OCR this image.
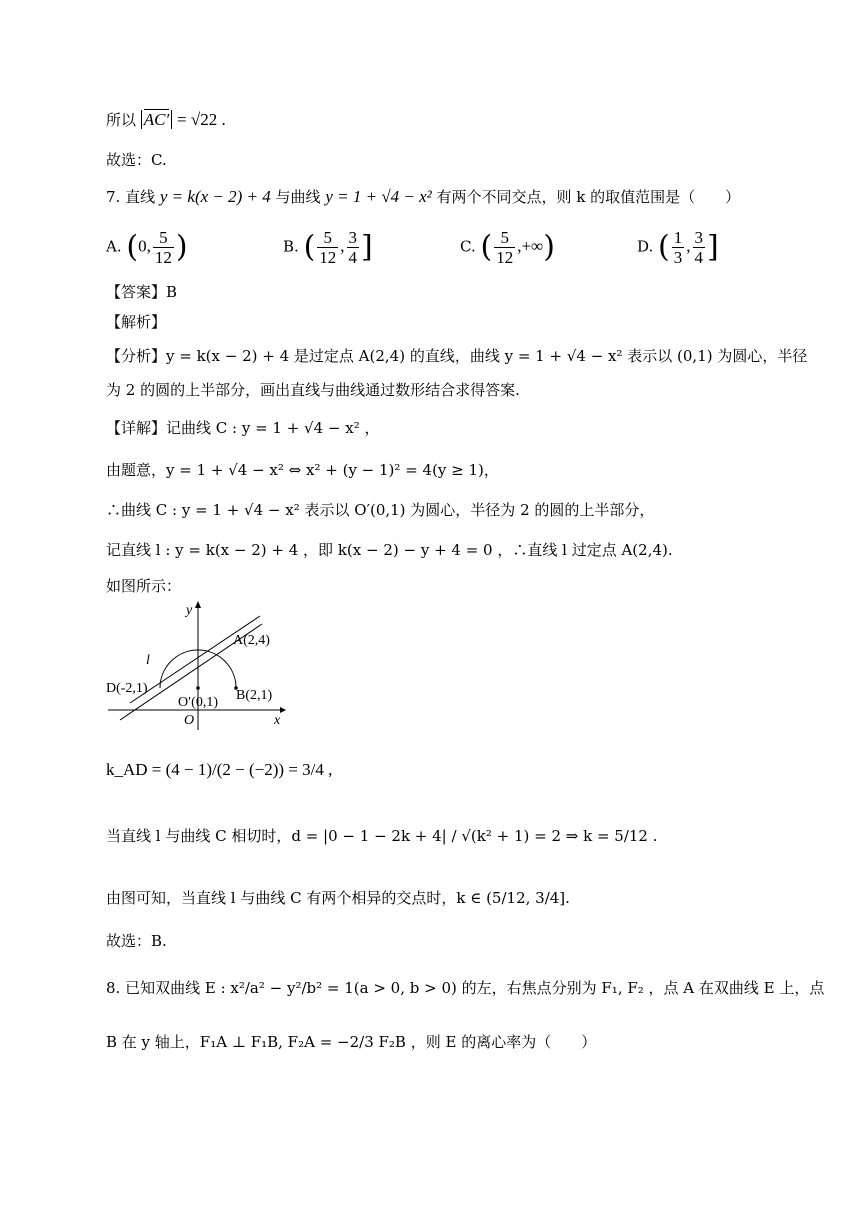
所以 AC′ = √22 .
故选：C.
7. 直线 y = k(x − 2) + 4 与曲线 y = 1 + √4 − x² 有两个不同交点，则 k 的取值范围是（　　）
A. (0, $\frac{5}{12}$ )	B. ( $\frac{5}{12}$ , $\frac{3}{4}$ ]	C. ( $\frac{5}{12}$ ,+∞)	D. ( $\frac{1}{3}$ , $\frac{3}{4}$ ]
【答案】B
【解析】
【分析】y = k(x − 2) + 4 是过定点 A(2,4) 的直线，曲线 y = 1 + √4 − x² 表示以 (0,1) 为圆心，半径
为 2 的圆的上半部分，画出直线与曲线通过数形结合求得答案.
【详解】记曲线 C : y = 1 + √4 − x² ，
由题意，y = 1 + √4 − x² ⇔ x² + (y − 1)² = 4(y ≥ 1)，
∴曲线 C : y = 1 + √4 − x² 表示以 O′(0,1) 为圆心，半径为 2 的圆的上半部分，
记直线 l : y = k(x − 2) + 4 ，即 k(x − 2) − y + 4 = 0 ，∴直线 l 过定点 A(2,4).
如图所示：
y
x
A(2,4)
B(2,1)
D(-2,1)
O′(0,1)
O
l
k_AD = (4 − 1)/(2 − (−2)) = 3/4 ,
当直线 l 与曲线 C 相切时，d = |0 − 1 − 2k + 4| / √(k² + 1) = 2 ⇒ k = 5/12 .
由图可知，当直线 l 与曲线 C 有两个相异的交点时，k ∈ (5/12, 3/4].
故选：B.
8. 已知双曲线 E : x²/a² − y²/b² = 1(a > 0, b > 0) 的左，右焦点分别为 F₁, F₂ ，点 A 在双曲线 E 上，点
B 在 y 轴上，F₁A ⊥ F₁B, F₂A = −2/3 F₂B ，则 E 的离心率为（　　）
